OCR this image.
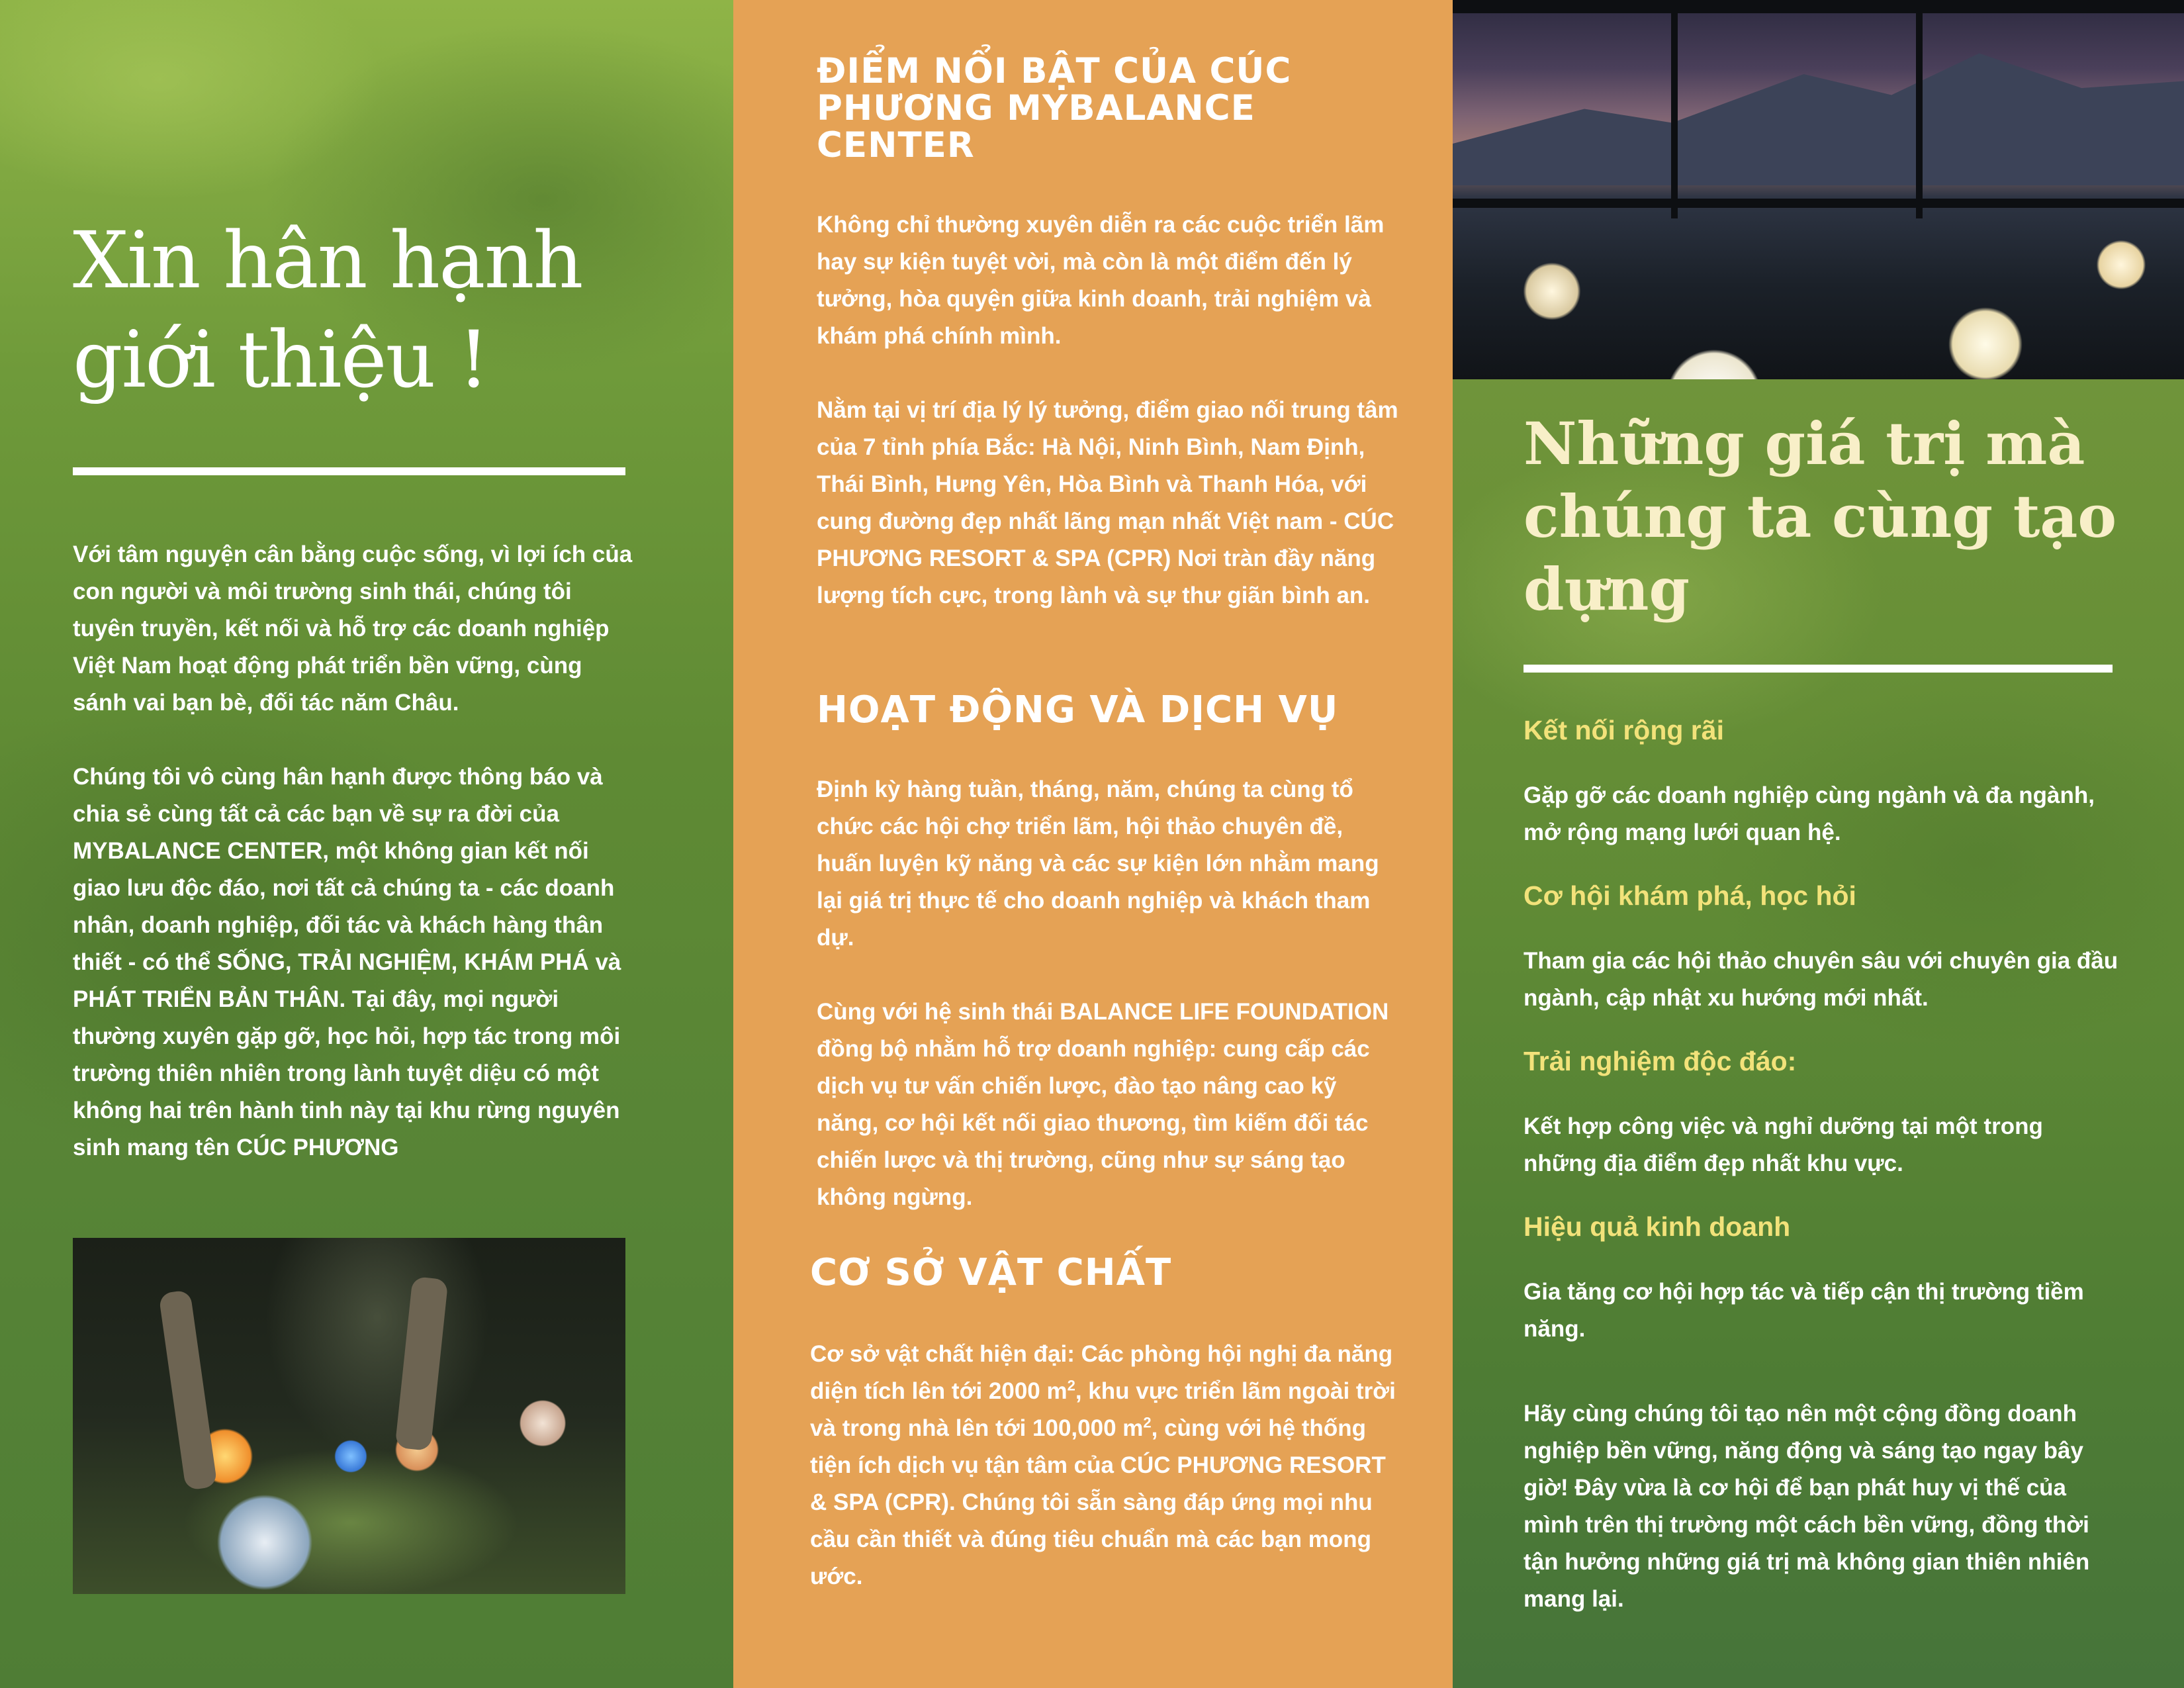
Xin hân hạnh
giới thiệu !

Với tâm nguyện cân bằng cuộc sống, vì lợi ích của con người và môi trường sinh thái, chúng tôi tuyên truyền, kết nối và hỗ trợ các doanh nghiệp Việt Nam hoạt động phát triển bền vững, cùng sánh vai bạn bè, đối tác năm Châu.

Chúng tôi vô cùng hân hạnh được thông báo và chia sẻ cùng tất cả các bạn về sự ra đời của MYBALANCE CENTER, một không gian kết nối giao lưu độc đáo, nơi tất cả chúng ta - các doanh nhân, doanh nghiệp, đối tác và khách hàng thân thiết - có thể SỐNG, TRẢI NGHIỆM, KHÁM PHÁ và PHÁT TRIỂN BẢN THÂN. Tại đây, mọi người thường xuyên gặp gỡ, học hỏi, hợp tác trong môi trường thiên nhiên trong lành tuyệt diệu có một không hai trên hành tinh này tại khu rừng nguyên sinh mang tên CÚC PHƯƠNG

ĐIỂM NỔI BẬT CỦA CÚC PHƯƠNG MYBALANCE CENTER

Không chỉ thường xuyên diễn ra các cuộc triển lãm hay sự kiện tuyệt vời, mà còn là một điểm đến lý tưởng, hòa quyện giữa kinh doanh, trải nghiệm và khám phá chính mình.

Nằm tại vị trí địa lý lý tưởng, điểm giao nối trung tâm của 7 tỉnh phía Bắc: Hà Nội, Ninh Bình, Nam Định, Thái Bình, Hưng Yên, Hòa Bình và Thanh Hóa, với cung đường đẹp nhất lãng mạn nhất Việt nam - CÚC PHƯƠNG RESORT & SPA (CPR) Nơi tràn đầy năng lượng tích cực, trong lành và sự thư giãn bình an.

HOẠT ĐỘNG VÀ DỊCH VỤ

Định kỳ hàng tuần, tháng, năm, chúng ta cùng tổ chức các hội chợ triển lãm, hội thảo chuyên đề, huấn luyện kỹ năng và các sự kiện lớn nhằm mang lại giá trị thực tế cho doanh nghiệp và khách tham dự.

Cùng với hệ sinh thái BALANCE LIFE FOUNDATION đồng bộ nhằm hỗ trợ doanh nghiệp: cung cấp các dịch vụ tư vấn chiến lược, đào tạo nâng cao kỹ năng, cơ hội kết nối giao thương, tìm kiếm đối tác chiến lược và thị trường, cũng như sự sáng tạo không ngừng.

CƠ SỞ VẬT CHẤT

Cơ sở vật chất hiện đại: Các phòng hội nghị đa năng diện tích lên tới 2000 $m^2$, khu vực triển lãm ngoài trời và trong nhà lên tới 100,000 $m^2$, cùng với hệ thống tiện ích dịch vụ tận tâm của CÚC PHƯƠNG RESORT & SPA (CPR). Chúng tôi sẵn sàng đáp ứng mọi nhu cầu cần thiết và đúng tiêu chuẩn mà các bạn mong ước.

Những giá trị mà chúng ta cùng tạo dựng
Kết nối rộng rãi
Gặp gỡ các doanh nghiệp cùng ngành và đa ngành, mở rộng mạng lưới quan hệ.
Cơ hội khám phá, học hỏi
Tham gia các hội thảo chuyên sâu với chuyên gia đầu ngành, cập nhật xu hướng mới nhất.
Trải nghiệm độc đáo:
Kết hợp công việc và nghỉ dưỡng tại một trong những địa điểm đẹp nhất khu vực.
Hiệu quả kinh doanh
Gia tăng cơ hội hợp tác và tiếp cận thị trường tiềm năng.

Hãy cùng chúng tôi tạo nên một cộng đồng doanh nghiệp bền vững, năng động và sáng tạo ngay bây giờ! Đây vừa là cơ hội để bạn phát huy vị thế của mình trên thị trường một cách bền vững, đồng thời tận hưởng những giá trị mà không gian thiên nhiên mang lại.
